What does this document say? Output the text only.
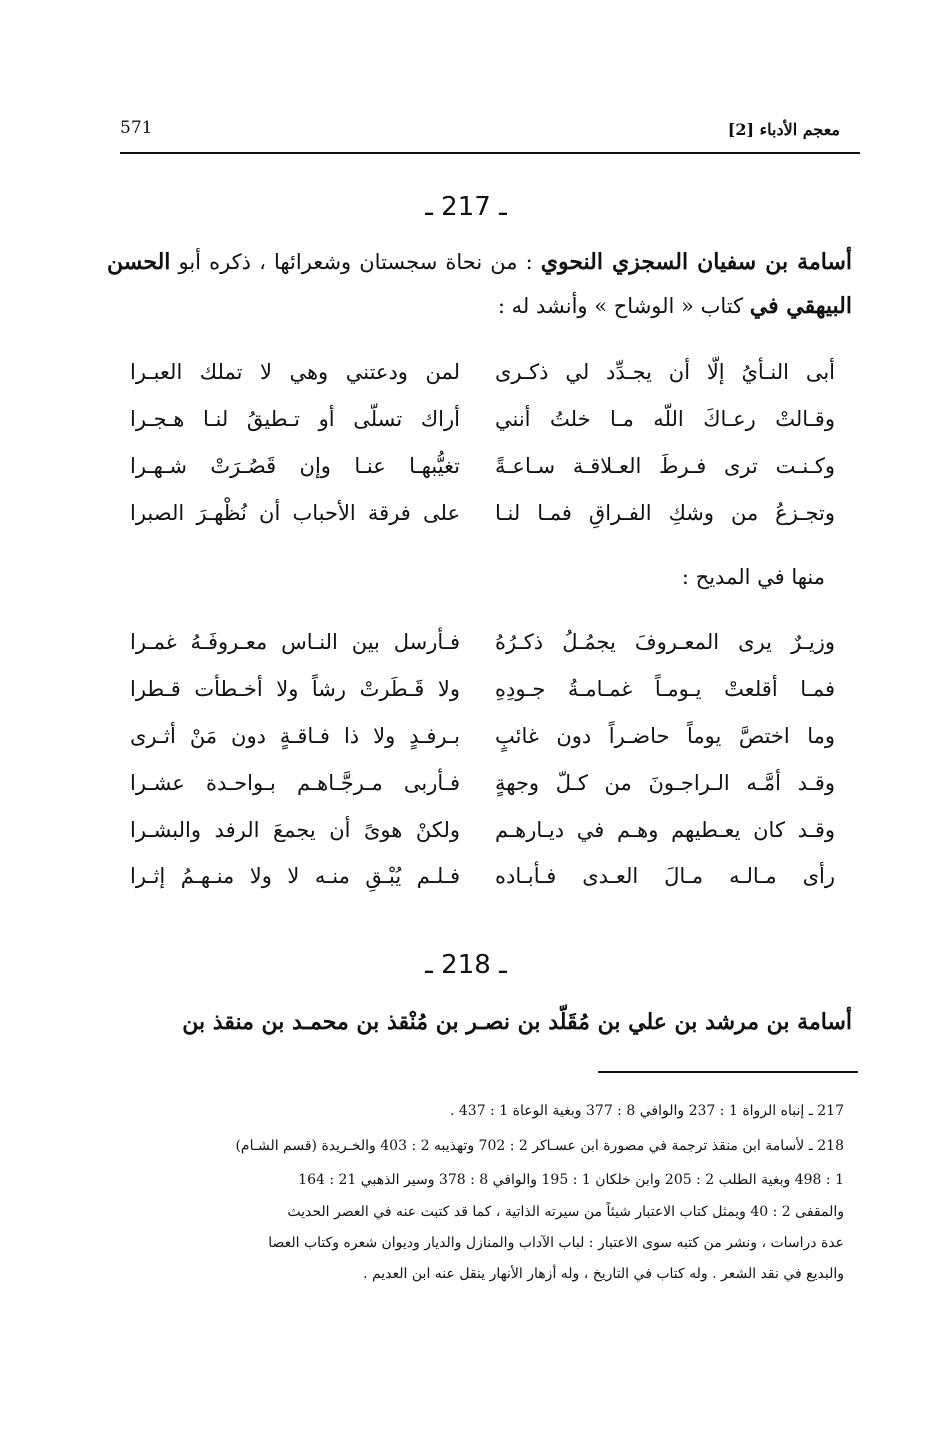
معجم الأدباء [2]
571
ـ 217 ـ
أسامة بن سفيان السجزي النحوي : من نحاة سجستان وشعرائها ، ذكره أبو الحسن البيهقي في كتاب « الوشاح » وأنشد له :
أبى النـأيُ إلّا أن يجـدِّد لي ذكـرى
لمن ودعتني وهي لا تملك العبـرا
وقـالتْ رعـاكَ اللّه مـا خلتُ أنني
أراك تسلّى أو تـطيقُ لنـا هـجـرا
وكـنـت ترى فـرطَ العـلاقـة سـاعـةً
تغيُّبهـا عنـا وإن قَصُـرَتْ شـهـرا
وتجـزعُ من وشكِ الفـراقِ فمـا لنـا
على فرقة الأحباب أن نُظْهـرَ الصبرا
منها في المديح :
وزيـرٌ يرى المعـروفَ يجمُـلُ ذكـرُهُ
فـأرسل بين النـاس معـروفَـهُ غمـرا
فمـا أقلعتْ يـومـاً غمـامـةُ جـودِهِ
ولا قَـطَرتْ رشاً ولا أخـطأت قـطرا
وما اختصَّ يوماً حاضـراً دون غائبٍ
بـرفـدٍ ولا ذا فـاقـةٍ دون مَنْ أثـرى
وقـد أمَّـه الـراجـونَ من كـلّ وجهةٍ
فـأربى مـرجَّـاهـم بـواحـدة عشـرا
وقـد كان يعـطيهم وهـم في ديـارهـم
ولكنْ هوىً أن يجمعَ الرفد والبشـرا
رأى مـالـه مـالَ العـدى فـأبـاده
فـلـم يُبْـقِ منـه لا ولا منـهـمُ إثـرا
ـ 218 ـ
أسامة بن مرشد بن علي بن مُقَلّد بن نصـر بن مُنْقذ بن محمـد بن منقذ بن
217 ـ إنباه الرواة 1 : 237 والوافي 8 : 377 وبغية الوعاة 1 : 437 .
218 ـ لأسامة ابن منقذ ترجمة في مصورة ابن عسـاكر 2 : 702 وتهذيبه 2 : 403 والخـريدة (قسم الشـام)
1 : 498 وبغية الطلب 2 : 205 وابن خلكان 1 : 195 والوافي 8 : 378 وسير الذهبي 21 : 164
والمقفى 2 : 40 ويمثل كتاب الاعتبار شيئاً من سيرته الذاتية ، كما قد كتبت عنه في العصر الحديث
عدة دراسات ، ونشر من كتبه سوى الاعتبار : لباب الآداب والمنازل والديار وديوان شعره وكتاب العصا
والبديع في نقد الشعر . وله كتاب في التاريخ ، وله أزهار الأنهار ينقل عنه ابن العديم .
